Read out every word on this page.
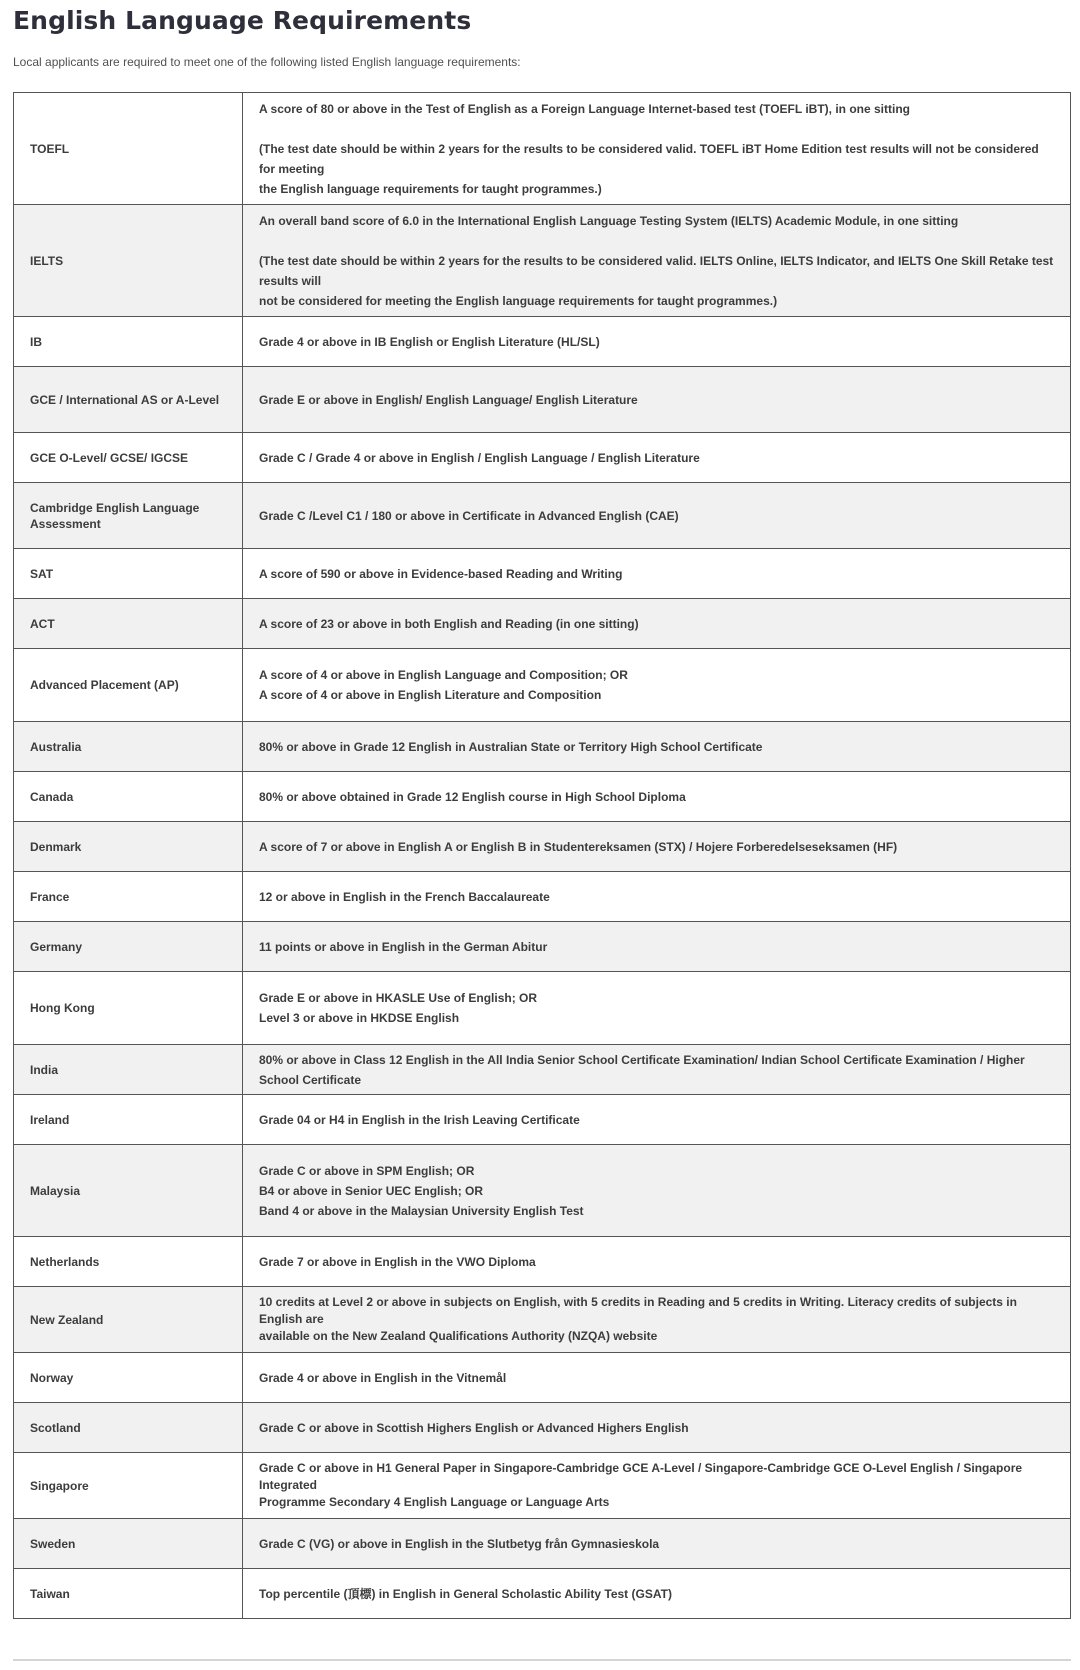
English Language Requirements

Local applicants are required to meet one of the following listed English language requirements:

TOEFL	A score of 80 or above in the Test of English as a Foreign Language Internet-based test (TOEFL iBT), in one sitting
(The test date should be within 2 years for the results to be considered valid. TOEFL iBT Home Edition test results will not be considered for meeting
the English language requirements for taught programmes.)

IELTS	An overall band score of 6.0 in the International English Language Testing System (IELTS) Academic Module, in one sitting
(The test date should be within 2 years for the results to be considered valid. IELTS Online, IELTS Indicator, and IELTS One Skill Retake test results will
not be considered for meeting the English language requirements for taught programmes.)

IB	Grade 4 or above in IB English or English Literature (HL/SL)

GCE / International AS or A-Level	Grade E or above in English/ English Language/ English Literature

GCE O-Level/ GCSE/ IGCSE	Grade C / Grade 4 or above in English / English Language / English Literature

Cambridge English Language Assessment	Grade C /Level C1 / 180 or above in Certificate in Advanced English (CAE)

SAT	A score of 590 or above in Evidence-based Reading and Writing

ACT	A score of 23 or above in both English and Reading (in one sitting)

Advanced Placement (AP)	A score of 4 or above in English Language and Composition; OR
A score of 4 or above in English Literature and Composition

Australia	80% or above in Grade 12 English in Australian State or Territory High School Certificate

Canada	80% or above obtained in Grade 12 English course in High School Diploma

Denmark	A score of 7 or above in English A or English B in Studentereksamen (STX) / Hojere Forberedelseseksamen (HF)

France	12 or above in English in the French Baccalaureate

Germany	11 points or above in English in the German Abitur

Hong Kong	Grade E or above in HKASLE Use of English; OR
Level 3 or above in HKDSE English

India	80% or above in Class 12 English in the All India Senior School Certificate Examination/ Indian School Certificate Examination / Higher School Certificate

Ireland	Grade 04 or H4 in English in the Irish Leaving Certificate

Malaysia	Grade C or above in SPM English; OR
B4 or above in Senior UEC English; OR
Band 4 or above in the Malaysian University English Test

Netherlands	Grade 7 or above in English in the VWO Diploma

New Zealand	10 credits at Level 2 or above in subjects on English, with 5 credits in Reading and 5 credits in Writing. Literacy credits of subjects in English are
available on the New Zealand Qualifications Authority (NZQA) website

Norway	Grade 4 or above in English in the Vitnemål

Scotland	Grade C or above in Scottish Highers English or Advanced Highers English

Singapore	Grade C or above in H1 General Paper in Singapore-Cambridge GCE A-Level / Singapore-Cambridge GCE O-Level English / Singapore Integrated
Programme Secondary 4 English Language or Language Arts

Sweden	Grade C (VG) or above in English in the Slutbetyg från Gymnasieskola

Taiwan	Top percentile (頂標) in English in General Scholastic Ability Test (GSAT)
